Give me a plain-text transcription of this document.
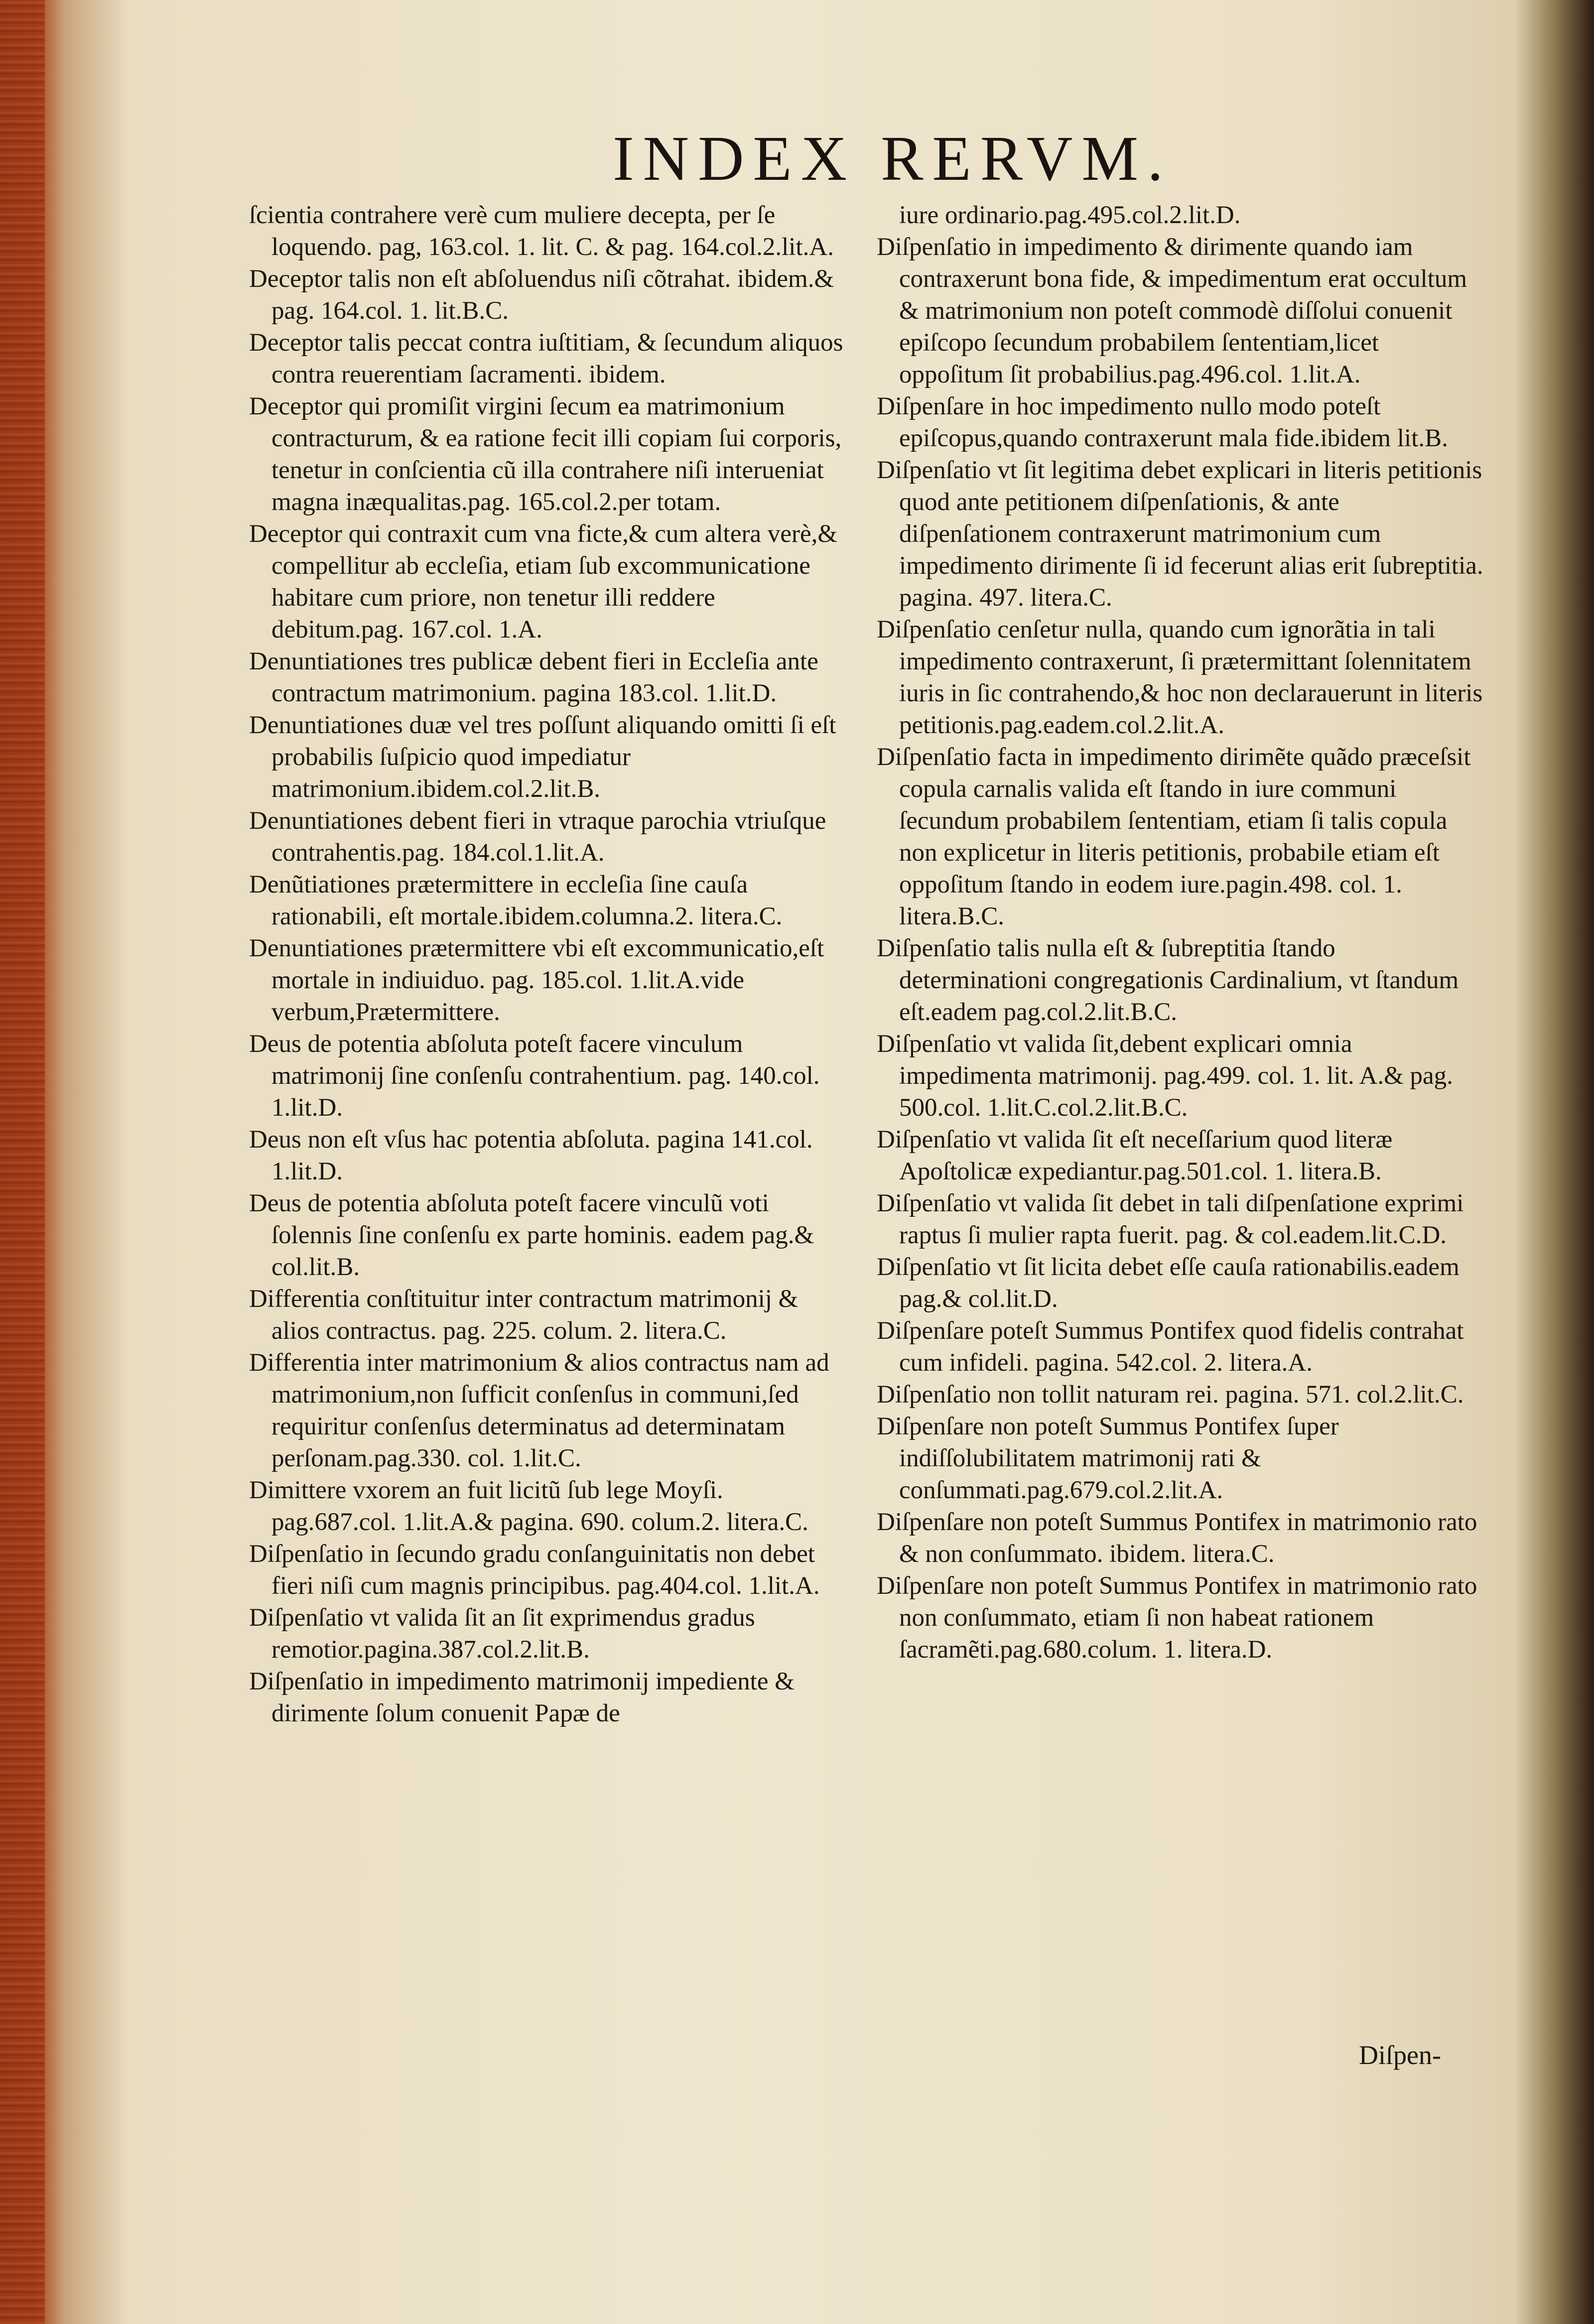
INDEX RERVM.
ſcientia contrahere verè cum muliere decepta, per ſe loquendo. pag, 163.col. 1. lit. C. & pag. 164.col.2.lit.A.
Deceptor talis non eſt abſoluendus niſi cõtrahat. ibidem.& pag. 164.col. 1. lit.B.C.
Deceptor talis peccat contra iuſtitiam, & ſecundum aliquos contra reuerentiam ſacramenti. ibidem.
Deceptor qui promiſit virgini ſecum ea matrimonium contracturum, & ea ratione fecit illi copiam ſui corporis, tenetur in conſcientia cũ illa contrahere niſi interueniat magna inæqualitas.pag. 165.col.2.per totam.
Deceptor qui contraxit cum vna ficte,& cum altera verè,& compellitur ab eccleſia, etiam ſub excommunicatione habitare cum priore, non tenetur illi reddere debitum.pag. 167.col. 1.A.
Denuntiationes tres publicæ debent fieri in Eccleſia ante contractum matrimonium. pagina 183.col. 1.lit.D.
Denuntiationes duæ vel tres poſſunt aliquando omitti ſi eſt probabilis ſuſpicio quod impediatur matrimonium.ibidem.col.2.lit.B.
Denuntiationes debent fieri in vtraque parochia vtriuſque contrahentis.pag. 184.col.1.lit.A.
Denũtiationes prætermittere in eccleſia ſine cauſa rationabili, eſt mortale.ibidem.columna.2. litera.C.
Denuntiationes prætermittere vbi eſt excommunicatio,eſt mortale in indiuiduo. pag. 185.col. 1.lit.A.vide verbum,Prætermittere.
Deus de potentia abſoluta poteſt facere vinculum matrimonij ſine conſenſu contrahentium. pag. 140.col. 1.lit.D.
Deus non eſt vſus hac potentia abſoluta. pagina 141.col. 1.lit.D.
Deus de potentia abſoluta poteſt facere vinculũ voti ſolennis ſine conſenſu ex parte hominis. eadem pag.& col.lit.B.
Differentia conſtituitur inter contractum matrimonij & alios contractus. pag. 225. colum. 2. litera.C.
Differentia inter matrimonium & alios contractus nam ad matrimonium,non ſufficit conſenſus in communi,ſed requiritur conſenſus determinatus ad determinatam perſonam.pag.330. col. 1.lit.C.
Dimittere vxorem an fuit licitũ ſub lege Moyſi. pag.687.col. 1.lit.A.& pagina. 690. colum.2. litera.C.
Diſpenſatio in ſecundo gradu conſanguinitatis non debet fieri niſi cum magnis principibus. pag.404.col. 1.lit.A.
Diſpenſatio vt valida ſit an ſit exprimendus gradus remotior.pagina.387.col.2.lit.B.
Diſpenſatio in impedimento matrimonij impediente & dirimente ſolum conuenit Papæ de
iure ordinario.pag.495.col.2.lit.D.
Diſpenſatio in impedimento & dirimente quando iam contraxerunt bona fide, & impedimentum erat occultum & matrimonium non poteſt commodè diſſolui conuenit epiſcopo ſecundum probabilem ſententiam,licet oppoſitum ſit probabilius.pag.496.col. 1.lit.A.
Diſpenſare in hoc impedimento nullo modo poteſt epiſcopus,quando contraxerunt mala fide.ibidem lit.B.
Diſpenſatio vt ſit legitima debet explicari in literis petitionis quod ante petitionem diſpenſationis, & ante diſpenſationem contraxerunt matrimonium cum impedimento dirimente ſi id fecerunt alias erit ſubreptitia. pagina. 497. litera.C.
Diſpenſatio cenſetur nulla, quando cum ignorãtia in tali impedimento contraxerunt, ſi prætermittant ſolennitatem iuris in ſic contrahendo,& hoc non declarauerunt in literis petitionis.pag.eadem.col.2.lit.A.
Diſpenſatio facta in impedimento dirimẽte quãdo præceſsit copula carnalis valida eſt ſtando in iure communi ſecundum probabilem ſententiam, etiam ſi talis copula non explicetur in literis petitionis, probabile etiam eſt oppoſitum ſtando in eodem iure.pagin.498. col. 1. litera.B.C.
Diſpenſatio talis nulla eſt & ſubreptitia ſtando determinationi congregationis Cardinalium, vt ſtandum eſt.eadem pag.col.2.lit.B.C.
Diſpenſatio vt valida ſit,debent explicari omnia impedimenta matrimonij. pag.499. col. 1. lit. A.& pag. 500.col. 1.lit.C.col.2.lit.B.C.
Diſpenſatio vt valida ſit eſt neceſſarium quod literæ Apoſtolicæ expediantur.pag.501.col. 1. litera.B.
Diſpenſatio vt valida ſit debet in tali diſpenſatione exprimi raptus ſi mulier rapta fuerit. pag. & col.eadem.lit.C.D.
Diſpenſatio vt ſit licita debet eſſe cauſa rationabilis.eadem pag.& col.lit.D.
Diſpenſare poteſt Summus Pontifex quod fidelis contrahat cum infideli. pagina. 542.col. 2. litera.A.
Diſpenſatio non tollit naturam rei. pagina. 571. col.2.lit.C.
Diſpenſare non poteſt Summus Pontifex ſuper indiſſolubilitatem matrimonij rati & conſummati.pag.679.col.2.lit.A.
Diſpenſare non poteſt Summus Pontifex in matrimonio rato & non conſummato. ibidem. litera.C.
Diſpenſare non poteſt Summus Pontifex in matrimonio rato non conſummato, etiam ſi non habeat rationem ſacramẽti.pag.680.colum. 1. litera.D.
Diſpen-
